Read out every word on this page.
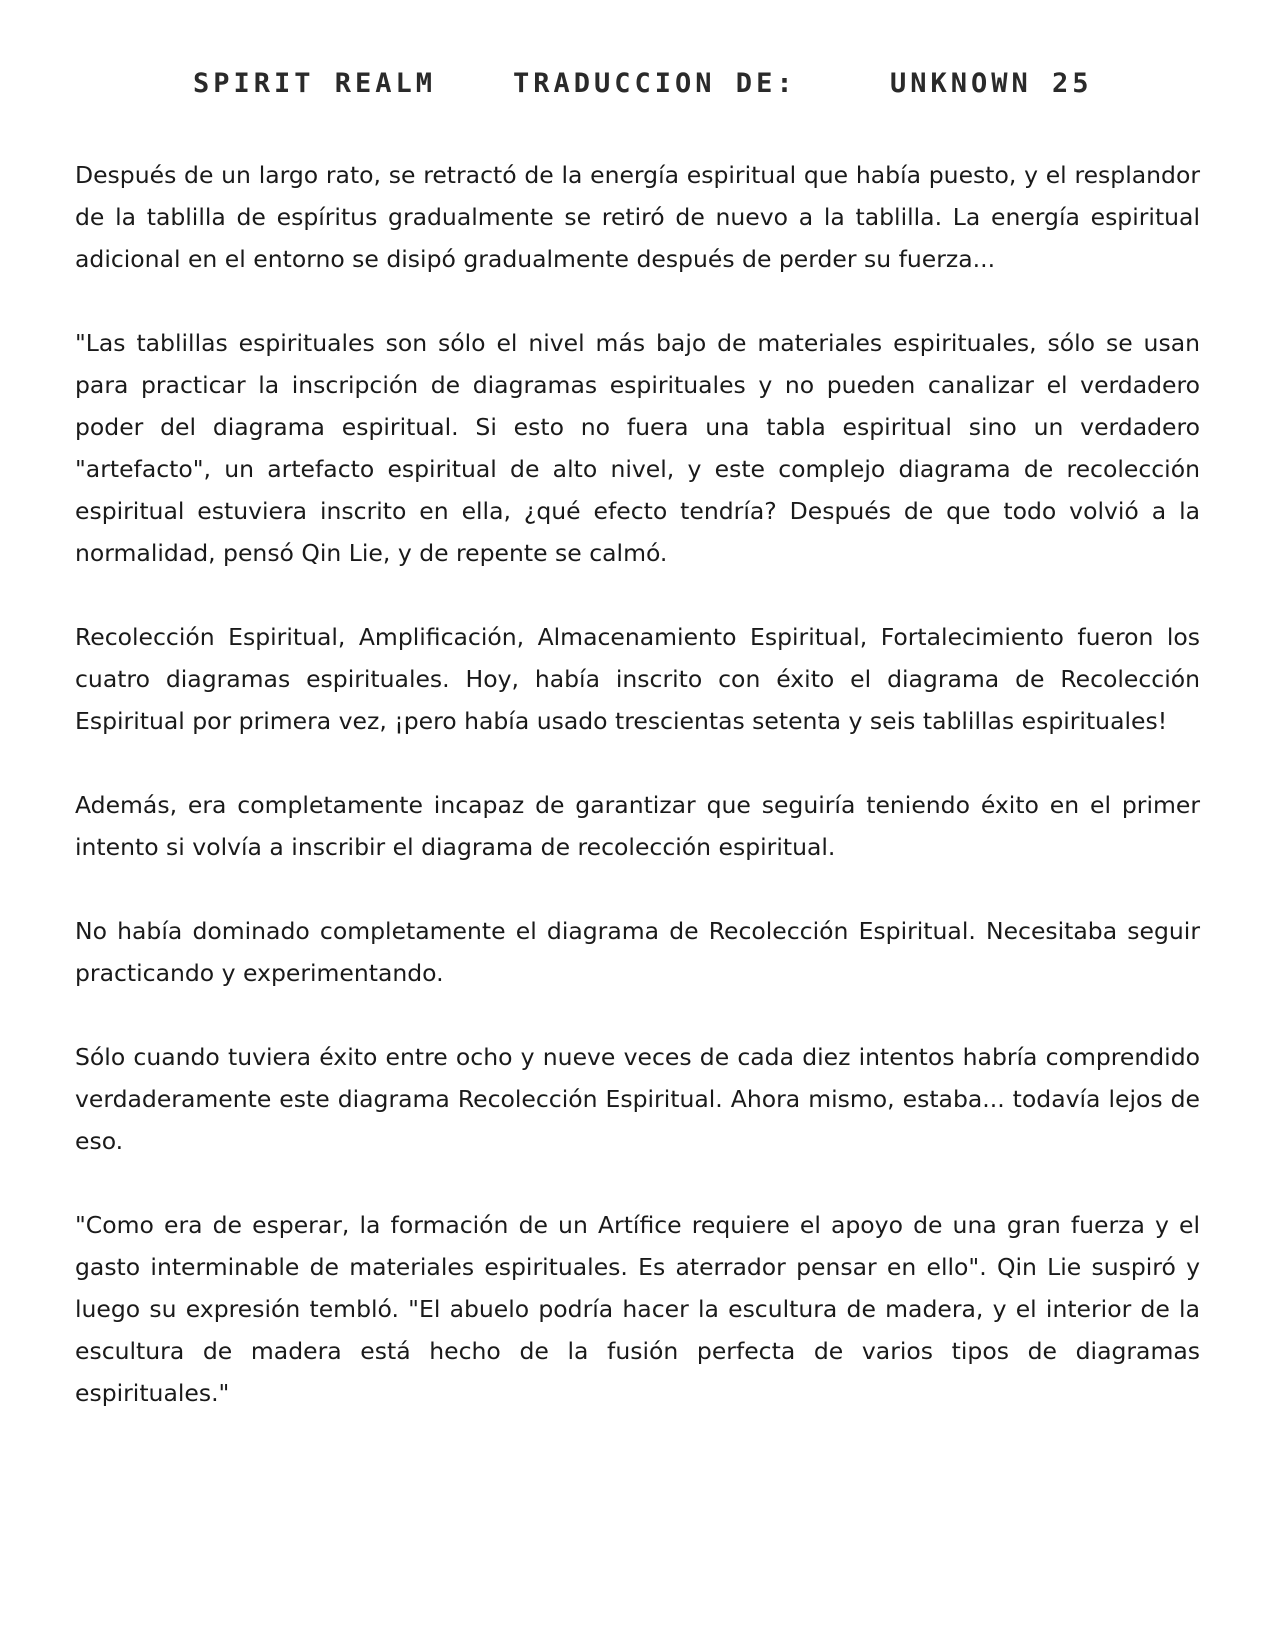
SPIRIT REALM	TRADUCCION DE:	UNKNOWN 25

Después de un largo rato, se retractó de la energía espiritual que había puesto, y el resplandor de la tablilla de espíritus gradualmente se retiró de nuevo a la tablilla. La energía espiritual adicional en el entorno se disipó gradualmente después de perder su fuerza...

"Las tablillas espirituales son sólo el nivel más bajo de materiales espirituales, sólo se usan para practicar la inscripción de diagramas espirituales y no pueden canalizar el verdadero poder del diagrama espiritual. Si esto no fuera una tabla espiritual sino un verdadero "artefacto", un artefacto espiritual de alto nivel, y este complejo diagrama de recolección espiritual estuviera inscrito en ella, ¿qué efecto tendría? Después de que todo volvió a la normalidad, pensó Qin Lie, y de repente se calmó.

Recolección Espiritual, Amplificación, Almacenamiento Espiritual, Fortalecimiento fueron los cuatro diagramas espirituales. Hoy, había inscrito con éxito el diagrama de Recolección Espiritual por primera vez, ¡pero había usado trescientas setenta y seis tablillas espirituales!

Además, era completamente incapaz de garantizar que seguiría teniendo éxito en el primer intento si volvía a inscribir el diagrama de recolección espiritual.

No había dominado completamente el diagrama de Recolección Espiritual. Necesitaba seguir practicando y experimentando.

Sólo cuando tuviera éxito entre ocho y nueve veces de cada diez intentos habría comprendido verdaderamente este diagrama Recolección Espiritual. Ahora mismo, estaba... todavía lejos de eso.

"Como era de esperar, la formación de un Artífice requiere el apoyo de una gran fuerza y el gasto interminable de materiales espirituales. Es aterrador pensar en ello". Qin Lie suspiró y luego su expresión tembló. "El abuelo podría hacer la escultura de madera, y el interior de la escultura de madera está hecho de la fusión perfecta de varios tipos de diagramas espirituales."
